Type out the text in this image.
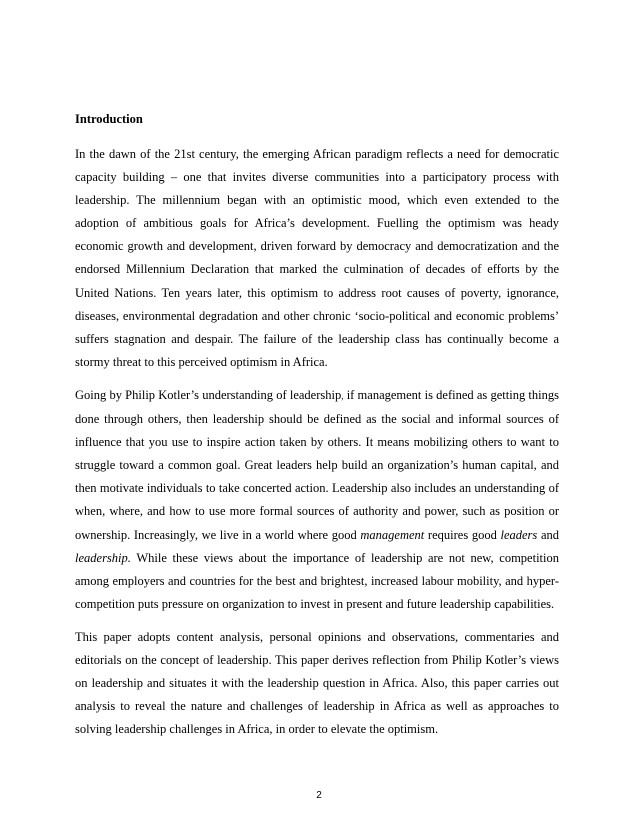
Introduction

In the dawn of the 21st century, the emerging African paradigm reflects a need for democratic capacity building – one that invites diverse communities into a participatory process with leadership. The millennium began with an optimistic mood, which even extended to the adoption of ambitious goals for Africa’s development. Fuelling the optimism was heady economic growth and development, driven forward by democracy and democratization and the endorsed Millennium Declaration that marked the culmination of decades of efforts by the United Nations. Ten years later, this optimism to address root causes of poverty, ignorance, diseases, environmental degradation and other chronic ‘socio-political and economic problems’ suffers stagnation and despair. The failure of the leadership class has continually become a stormy threat to this perceived optimism in Africa.

Going by Philip Kotler’s understanding of leadership, if management is defined as getting things done through others, then leadership should be defined as the social and informal sources of influence that you use to inspire action taken by others. It means mobilizing others to want to struggle toward a common goal. Great leaders help build an organization’s human capital, and then motivate individuals to take concerted action. Leadership also includes an understanding of when, where, and how to use more formal sources of authority and power, such as position or ownership. Increasingly, we live in a world where good management requires good leaders and leadership. While these views about the importance of leadership are not new, competition among employers and countries for the best and brightest, increased labour mobility, and hyper-competition puts pressure on organization to invest in present and future leadership capabilities.

This paper adopts content analysis, personal opinions and observations, commentaries and editorials on the concept of leadership. This paper derives reflection from Philip Kotler’s views on leadership and situates it with the leadership question in Africa. Also, this paper carries out analysis to reveal the nature and challenges of leadership in Africa as well as approaches to solving leadership challenges in Africa, in order to elevate the optimism.

2
